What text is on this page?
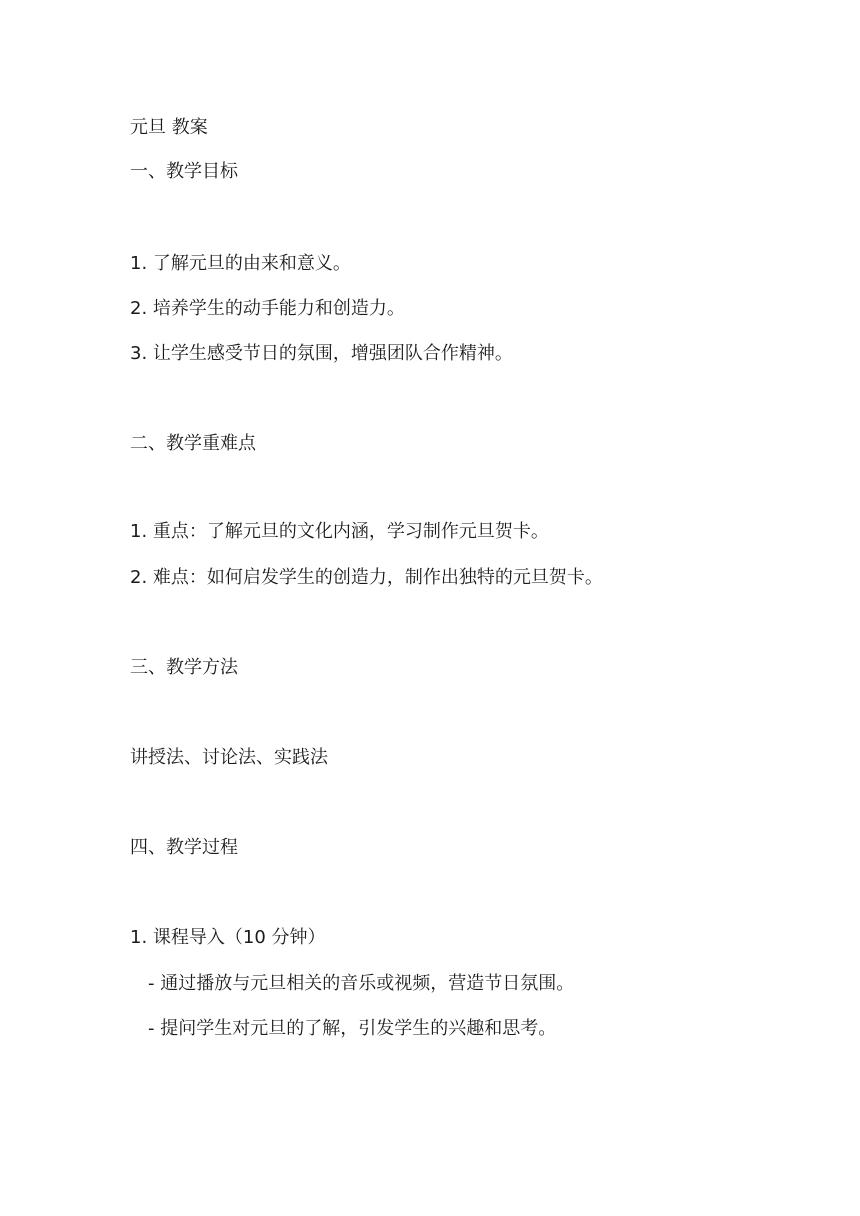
元旦 教案
一、教学目标
1. 了解元旦的由来和意义。
2. 培养学生的动手能力和创造力。
3. 让学生感受节日的氛围，增强团队合作精神。
二、教学重难点
1. 重点：了解元旦的文化内涵，学习制作元旦贺卡。
2. 难点：如何启发学生的创造力，制作出独特的元旦贺卡。
三、教学方法
讲授法、讨论法、实践法
四、教学过程
1. 课程导入（10 分钟）
- 通过播放与元旦相关的音乐或视频，营造节日氛围。
- 提问学生对元旦的了解，引发学生的兴趣和思考。
